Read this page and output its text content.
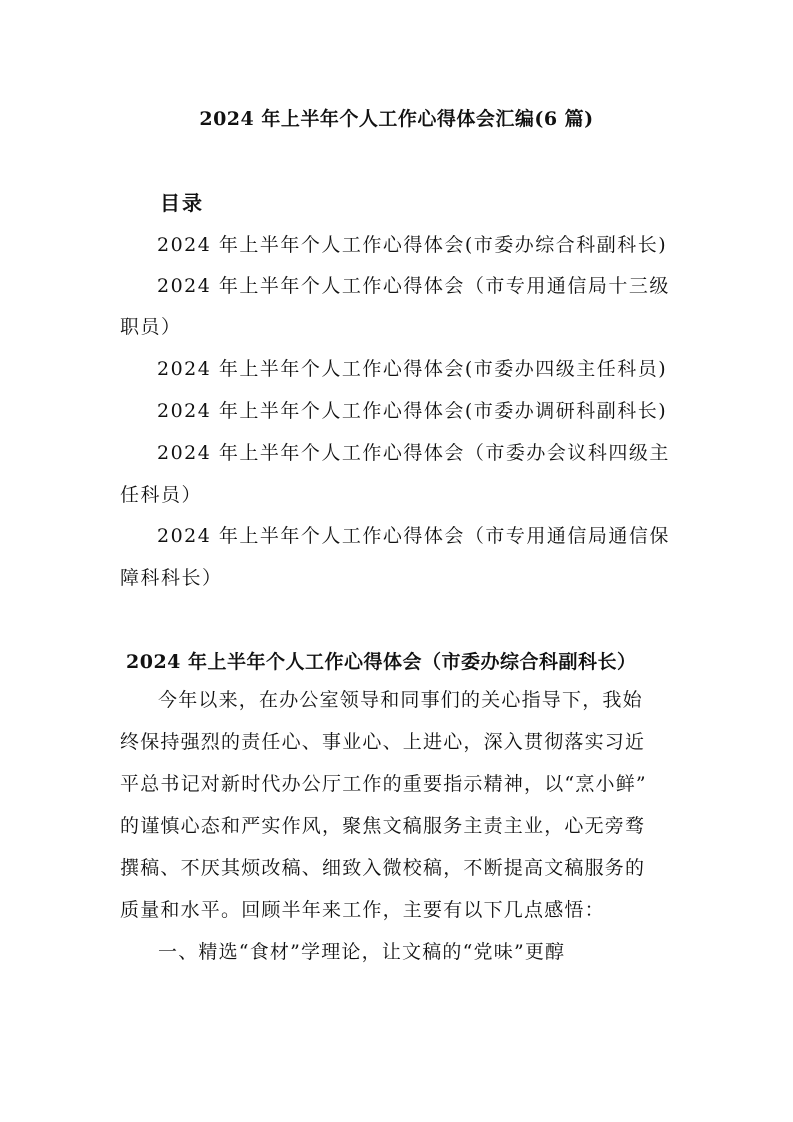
2024 年上半年个人工作心得体会汇编(6 篇)
目录
2024 年上半年个人工作心得体会(市委办综合科副科长)
2024 年上半年个人工作心得体会（市专用通信局十三级
职员）
2024 年上半年个人工作心得体会(市委办四级主任科员)
2024 年上半年个人工作心得体会(市委办调研科副科长)
2024 年上半年个人工作心得体会（市委办会议科四级主
任科员）
2024 年上半年个人工作心得体会（市专用通信局通信保
障科科长）
2024 年上半年个人工作心得体会（市委办综合科副科长）
今年以来，在办公室领导和同事们的关心指导下，我始
终保持强烈的责任心、事业心、上进心，深入贯彻落实习近
平总书记对新时代办公厅工作的重要指示精神，以“烹小鲜”
的谨慎心态和严实作风，聚焦文稿服务主责主业，心无旁骛
撰稿、不厌其烦改稿、细致入微校稿，不断提高文稿服务的
质量和水平。回顾半年来工作，主要有以下几点感悟：
一、精选“食材”学理论，让文稿的“党味”更醇
